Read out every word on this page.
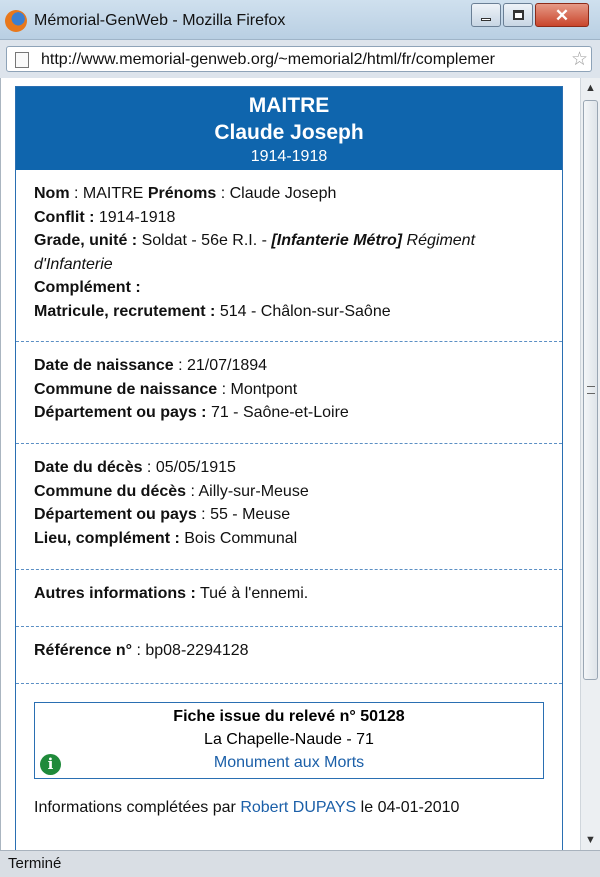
Mémorial-GenWeb - Mozilla Firefox	✕
http://www.memorial-genweb.org/~memorial2/html/fr/complemer	☆
MAITRE
Claude Joseph
1914-1918
Nom : MAITRE Prénoms : Claude Joseph
Conflit : 1914-1918
Grade, unité : Soldat - 56e R.I. - [Infanterie Métro] Régiment d'Infanterie
Complément :
Matricule, recrutement : 514 - Châlon-sur-Saône
Date de naissance : 21/07/1894
Commune de naissance : Montpont
Département ou pays : 71 - Saône-et-Loire
Date du décès : 05/05/1915
Commune du décès : Ailly-sur-Meuse
Département ou pays : 55 - Meuse
Lieu, complément : Bois Communal
Autres informations : Tué à l'ennemi.
Référence n° : bp08-2294128
Fiche issue du relevé n° 50128
La Chapelle-Naude - 71
Monument aux Morts
i
Informations complétées par Robert DUPAYS le 04-01-2010
▲
▼
Terminé
